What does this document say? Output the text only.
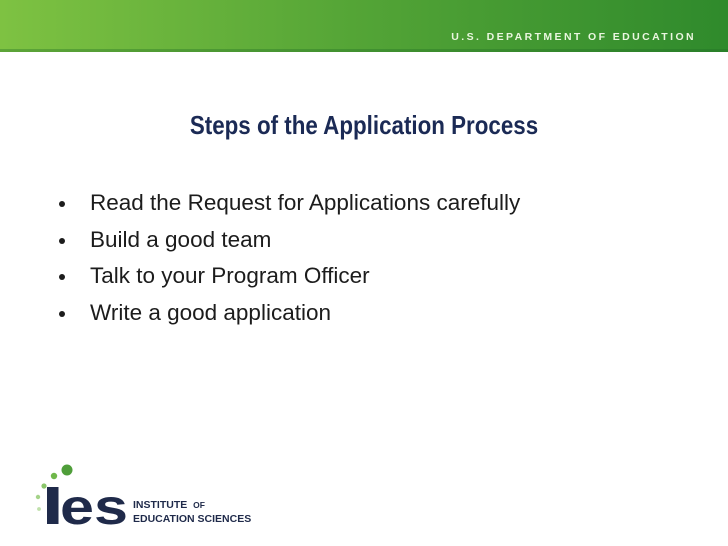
U.S. DEPARTMENT OF EDUCATION
Steps of the Application Process
Read the Request for Applications carefully
Build a good team
Talk to your Program Officer
Write a good application
es INSTITUTE OF
EDUCATION SCIENCES
